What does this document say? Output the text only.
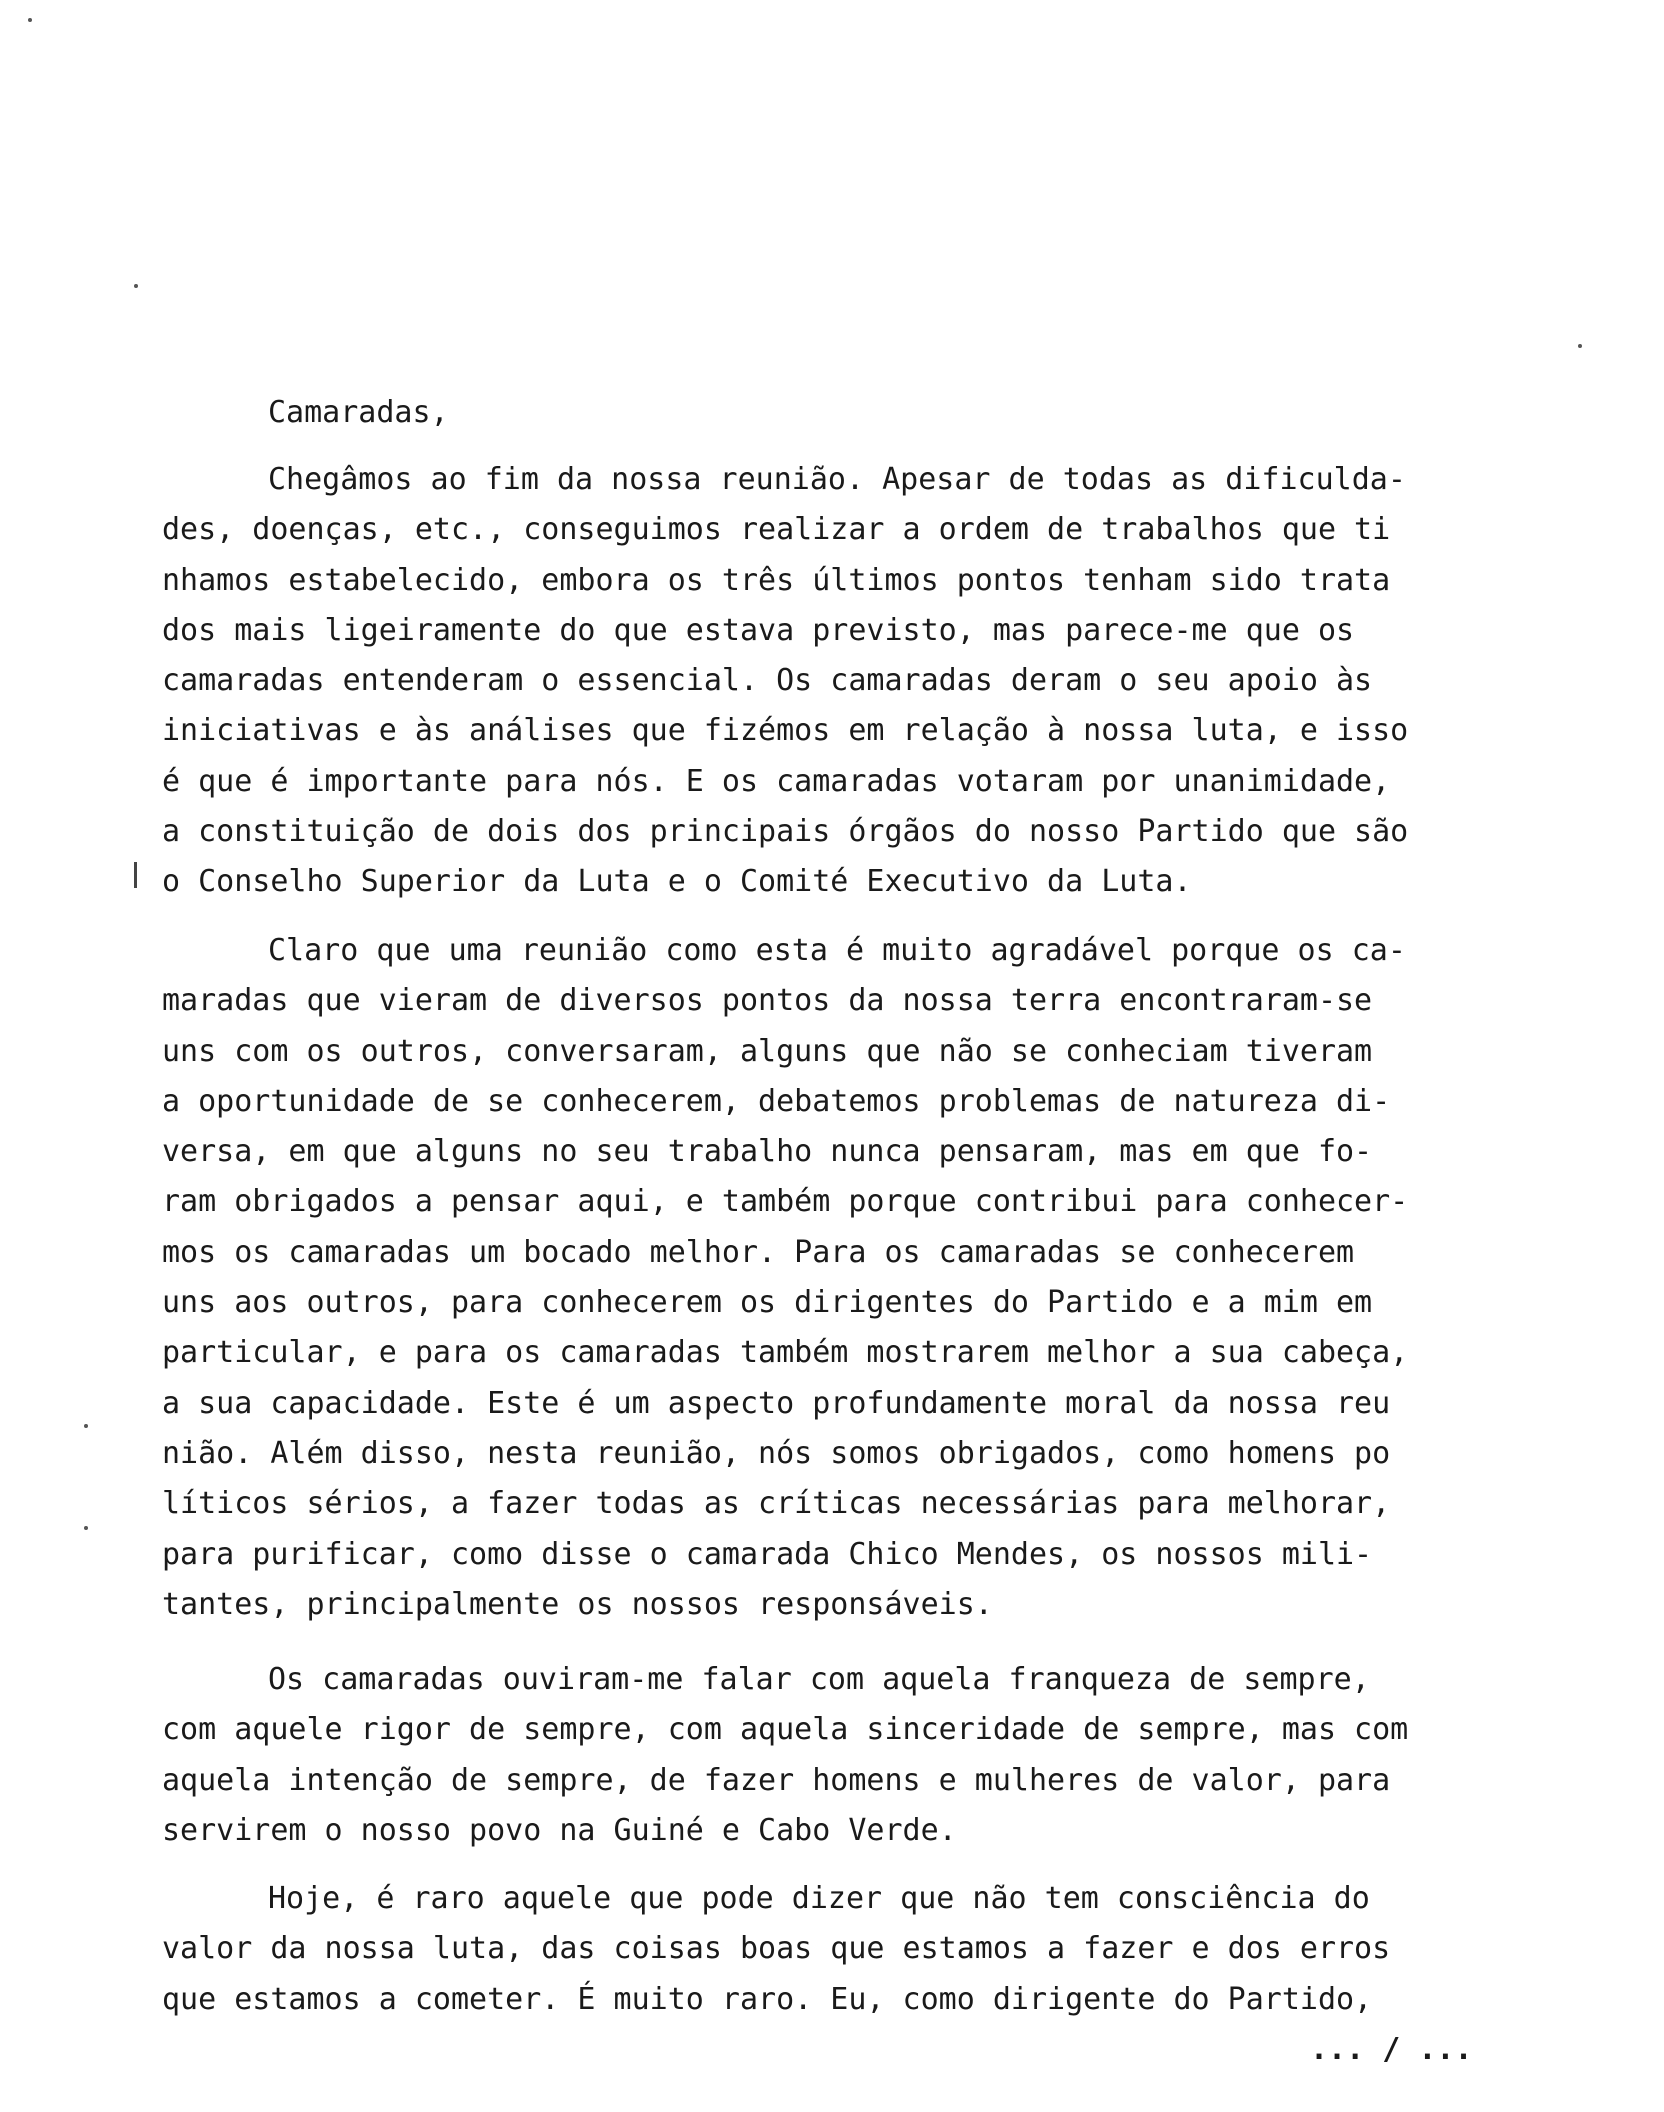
Camaradas,
Chegâmos ao fim da nossa reunião. Apesar de todas as dificulda-
des, doenças, etc., conseguimos realizar a ordem de trabalhos que ti
nhamos estabelecido, embora os três últimos pontos tenham sido trata
dos mais ligeiramente do que estava previsto, mas parece-me que os
camaradas entenderam o essencial. Os camaradas deram o seu apoio às
iniciativas e às análises que fizémos em relação à nossa luta, e isso
é que é importante para nós. E os camaradas votaram por unanimidade,
a constituição de dois dos principais órgãos do nosso Partido que são
o Conselho Superior da Luta e o Comité Executivo da Luta.
Claro que uma reunião como esta é muito agradável porque os ca-
maradas que vieram de diversos pontos da nossa terra encontraram-se
uns com os outros, conversaram, alguns que não se conheciam tiveram
a oportunidade de se conhecerem, debatemos problemas de natureza di-
versa, em que alguns no seu trabalho nunca pensaram, mas em que fo-
ram obrigados a pensar aqui, e também porque contribui para conhecer-
mos os camaradas um bocado melhor. Para os camaradas se conhecerem
uns aos outros, para conhecerem os dirigentes do Partido e a mim em
particular, e para os camaradas também mostrarem melhor a sua cabeça,
a sua capacidade. Este é um aspecto profundamente moral da nossa reu
nião. Além disso, nesta reunião, nós somos obrigados, como homens po
líticos sérios, a fazer todas as críticas necessárias para melhorar,
para purificar, como disse o camarada Chico Mendes, os nossos mili-
tantes, principalmente os nossos responsáveis.
Os camaradas ouviram-me falar com aquela franqueza de sempre,
com aquele rigor de sempre, com aquela sinceridade de sempre, mas com
aquela intenção de sempre, de fazer homens e mulheres de valor, para
servirem o nosso povo na Guiné e Cabo Verde.
Hoje, é raro aquele que pode dizer que não tem consciência do
valor da nossa luta, das coisas boas que estamos a fazer e dos erros
que estamos a cometer. É muito raro. Eu, como dirigente do Partido,
... / ...
